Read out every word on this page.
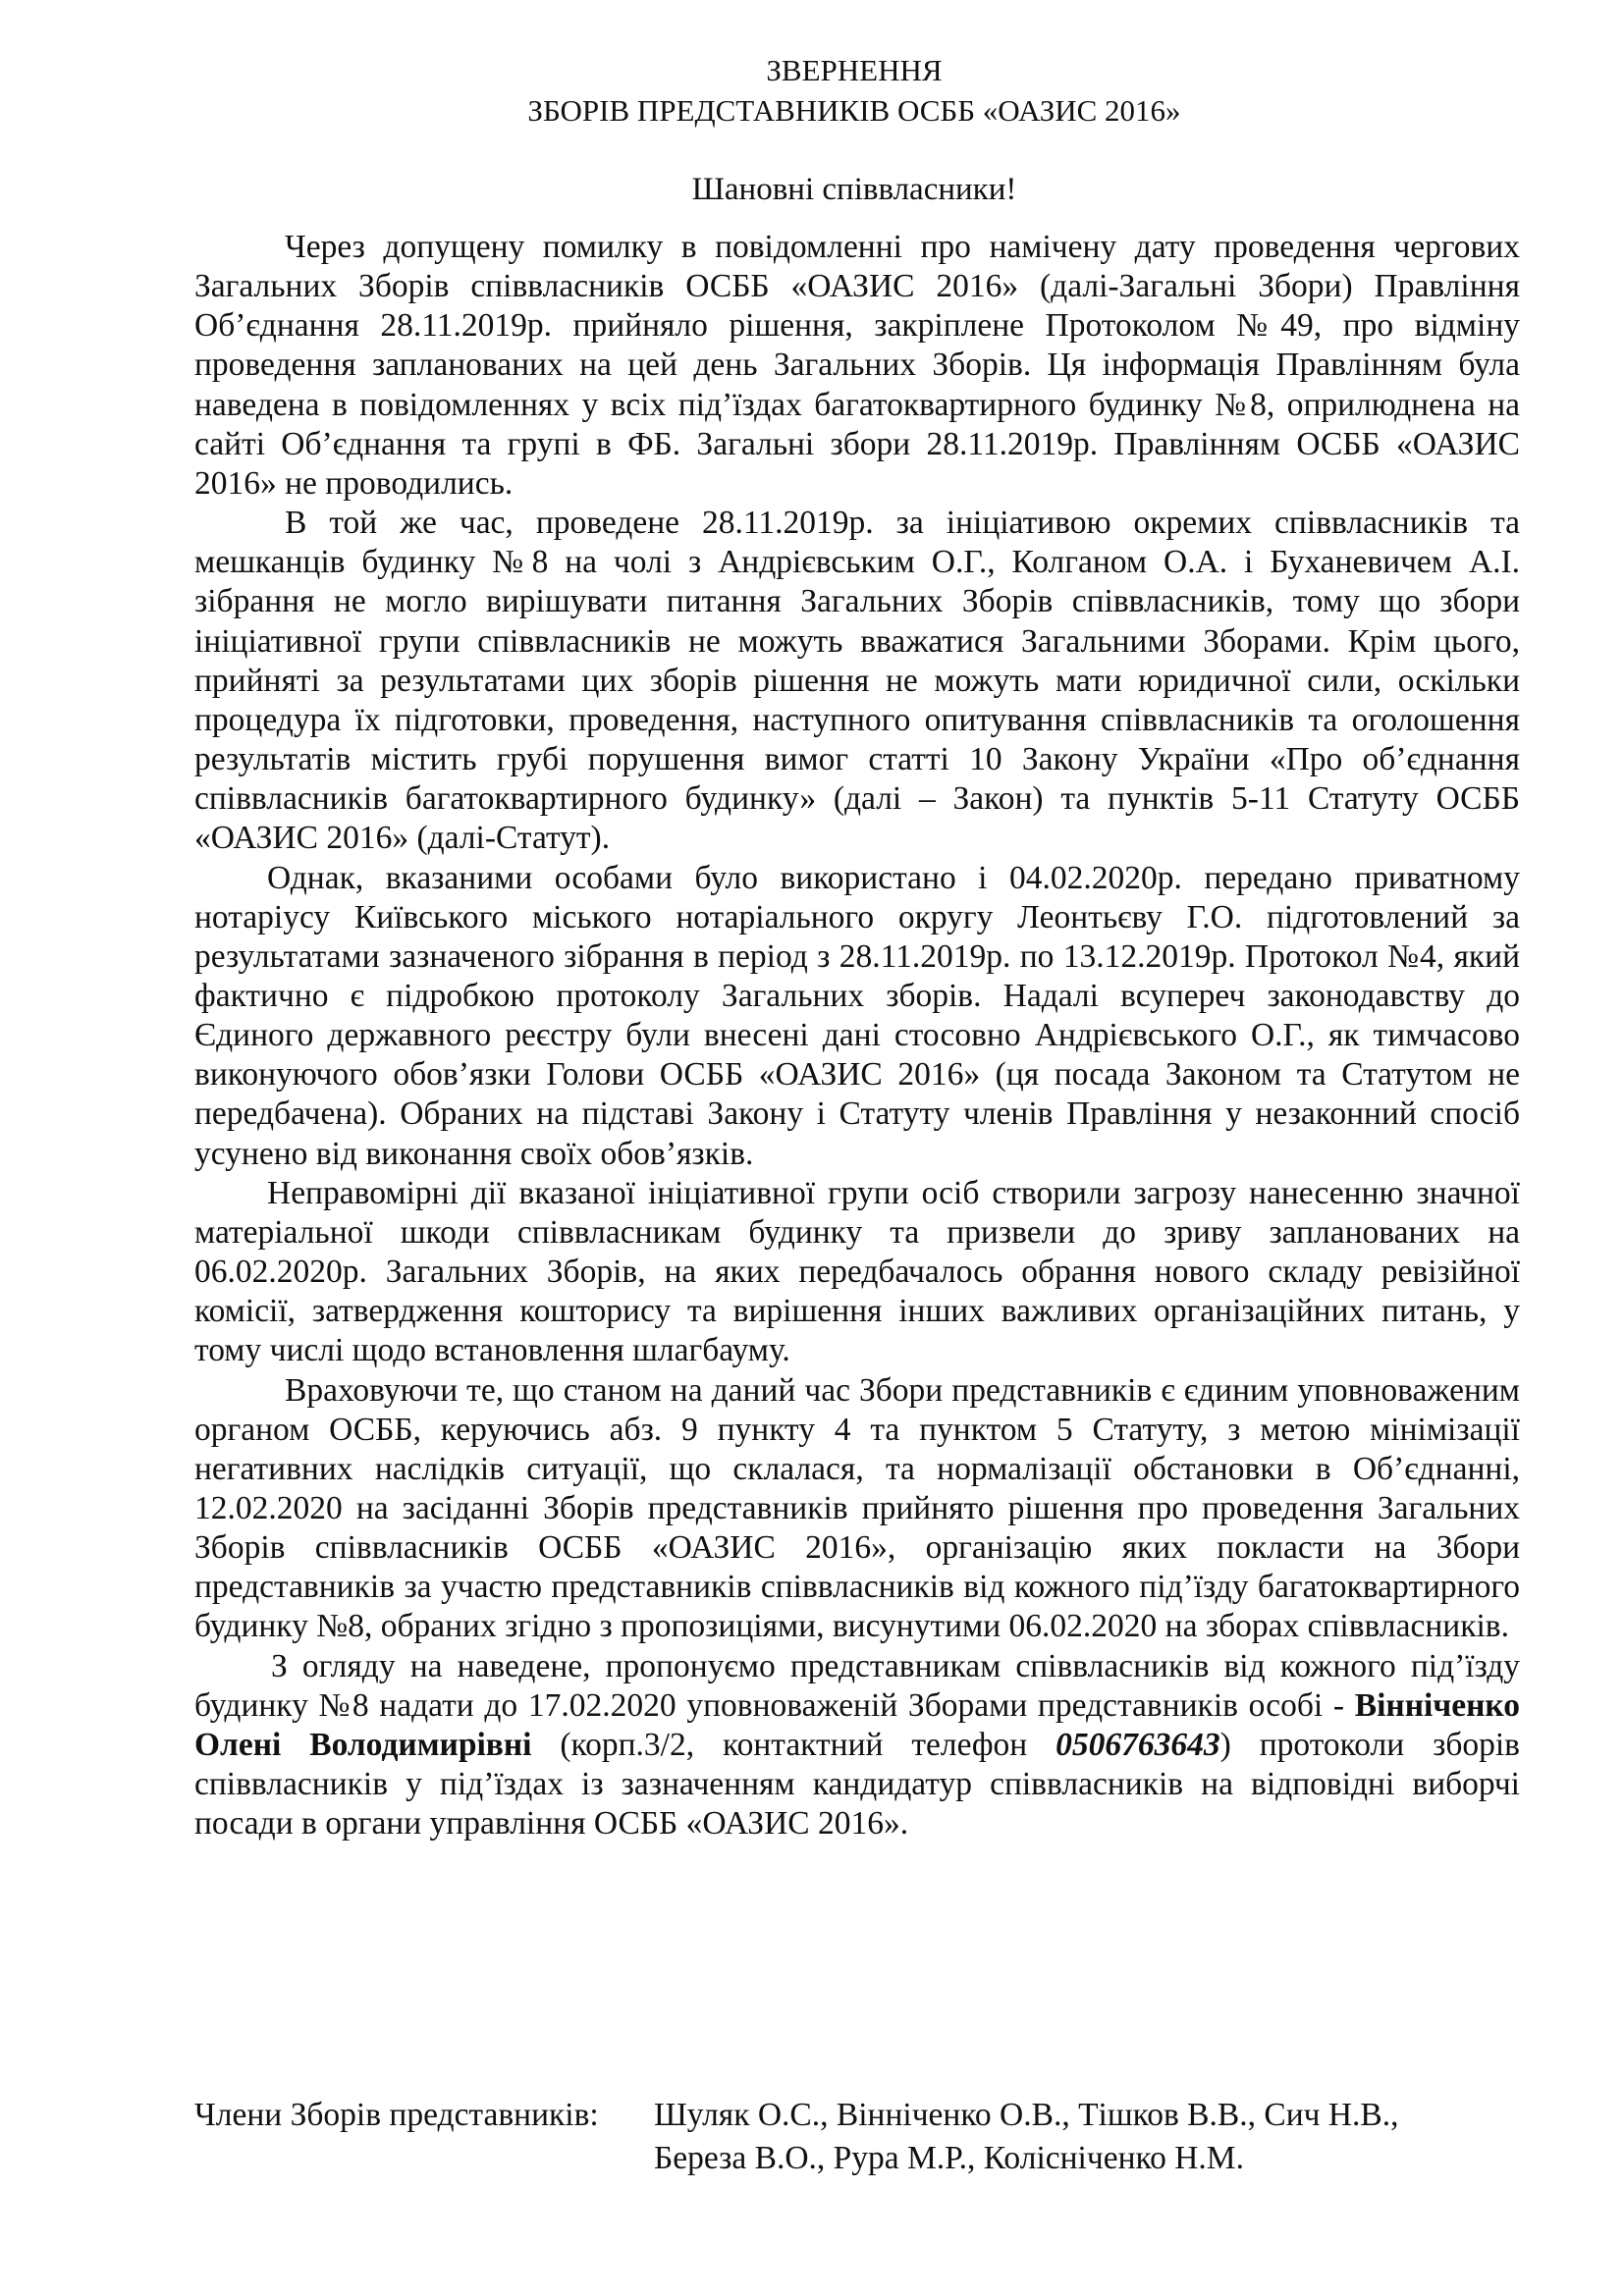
ЗВЕРНЕННЯ
ЗБОРІВ ПРЕДСТАВНИКІВ ОСББ «ОАЗИС 2016»
Шановні співвласники!

Через допущену помилку в повідомленні про намічену дату проведення чергових Загальних Зборів співвласників ОСББ «ОАЗИС 2016» (далі-Загальні Збори) Правління Об’єднання 28.11.2019р. прийняло рішення, закріплене Протоколом №49, про відміну проведення запланованих на цей день Загальних Зборів. Ця інформація Правлінням була наведена в повідомленнях у всіх під’їздах багатоквартирного будинку №8, оприлюднена на сайті Об’єднання та групі в ФБ. Загальні збори 28.11.2019р. Правлінням ОСББ «ОАЗИС 2016» не проводились.

В той же час, проведене 28.11.2019р. за ініціативою окремих співвласників та мешканців будинку №8 на чолі з Андрієвським О.Г., Колганом О.А. і Буханевичем А.І. зібрання не могло вирішувати питання Загальних Зборів співвласників, тому що збори ініціативної групи співвласників не можуть вважатися Загальними Зборами. Крім цього, прийняті за результатами цих зборів рішення не можуть мати юридичної сили, оскільки процедура їх підготовки, проведення, наступного опитування співвласників та оголошення результатів містить грубі порушення вимог статті 10 Закону України «Про об’єднання співвласників багатоквартирного будинку» (далі – Закон) та пунктів 5-11 Статуту ОСББ «ОАЗИС 2016» (далі-Статут).

Однак, вказаними особами було використано і 04.02.2020р. передано приватному нотаріусу Київського міського нотаріального округу Леонтьєву Г.О. підготовлений за результатами зазначеного зібрання в період з 28.11.2019р. по 13.12.2019р. Протокол №4, який фактично є підробкою протоколу Загальних зборів. Надалі всупереч законодавству до Єдиного державного реєстру були внесені дані стосовно Андрієвського О.Г., як тимчасово виконуючого обов’язки Голови ОСББ «ОАЗИС 2016» (ця посада Законом та Статутом не передбачена). Обраних на підставі Закону і Статуту членів Правління у незаконний спосіб усунено від виконання своїх обов’язків.

Неправомірні дії вказаної ініціативної групи осіб створили загрозу нанесенню значної матеріальної шкоди співвласникам будинку та призвели до зриву запланованих на 06.02.2020р. Загальних Зборів, на яких передбачалось обрання нового складу ревізійної комісії, затвердження кошторису та вирішення інших важливих організаційних питань, у тому числі щодо встановлення шлагбауму.

Враховуючи те, що станом на даний час Збори представників є єдиним уповноваженим органом ОСББ, керуючись абз. 9 пункту 4 та пунктом 5 Статуту, з метою мінімізації негативних наслідків ситуації, що склалася, та нормалізації обстановки в Об’єднанні, 12.02.2020 на засіданні Зборів представників прийнято рішення про проведення Загальних Зборів співвласників ОСББ «ОАЗИС 2016», організацію яких покласти на Збори представників за участю представників співвласників від кожного під’їзду багатоквартирного будинку №8, обраних згідно з пропозиціями, висунутими 06.02.2020 на зборах співвласників.

З огляду на наведене, пропонуємо представникам співвласників від кожного під’їзду будинку №8 надати до 17.02.2020 уповноваженій Зборами представників особі - Вінніченко Олені Володимирівні (корп.3/2, контактний телефон 0506763643) протоколи зборів співвласників у під’їздах із зазначенням кандидатур співвласників на відповідні виборчі посади в органи управління ОСББ «ОАЗИС 2016».

Члени Зборів представників: Шуляк О.С., Вінніченко О.В., Тішков В.В., Сич Н.В.,
Береза В.О., Рура М.Р., Колісніченко Н.М.
